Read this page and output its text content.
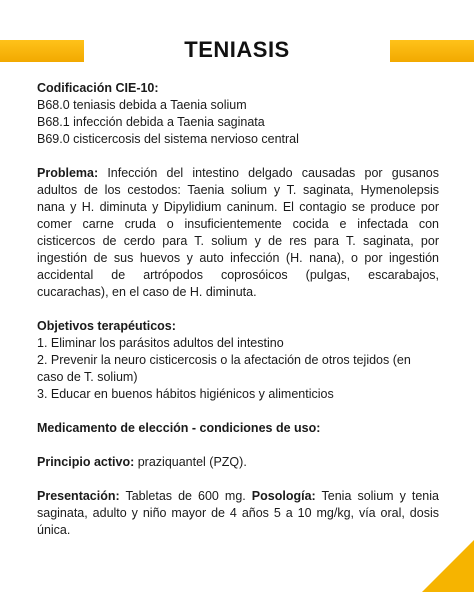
TENIASIS
Codificación CIE-10:
B68.0 teniasis debida a Taenia solium
B68.1 infección debida a Taenia saginata
B69.0 cisticercosis del sistema nervioso central
Problema: Infección del intestino delgado causadas por gusanos adultos de los cestodos: Taenia solium y T. saginata, Hymenolepsis nana y H. diminuta y Dipylidium caninum. El contagio se produce por comer carne cruda o insuficientemente cocida e infectada con cisticercos de cerdo para T. solium y de res para T. saginata, por ingestión de sus huevos y auto infección (H. nana), o por ingestión accidental de artrópodos coprosóicos (pulgas, escarabajos, cucarachas), en el caso de H. diminuta.
Objetivos terapéuticos:
1. Eliminar los parásitos adultos del intestino
2. Prevenir la neuro cisticercosis o la afectación de otros tejidos (en caso de T. solium)
3. Educar en buenos hábitos higiénicos y alimenticios
Medicamento de elección - condiciones de uso:
Principio activo: praziquantel (PZQ).
Presentación: Tabletas de 600 mg. Posología: Tenia solium y tenia saginata, adulto y niño mayor de 4 años 5 a 10 mg/kg, vía oral, dosis única.
